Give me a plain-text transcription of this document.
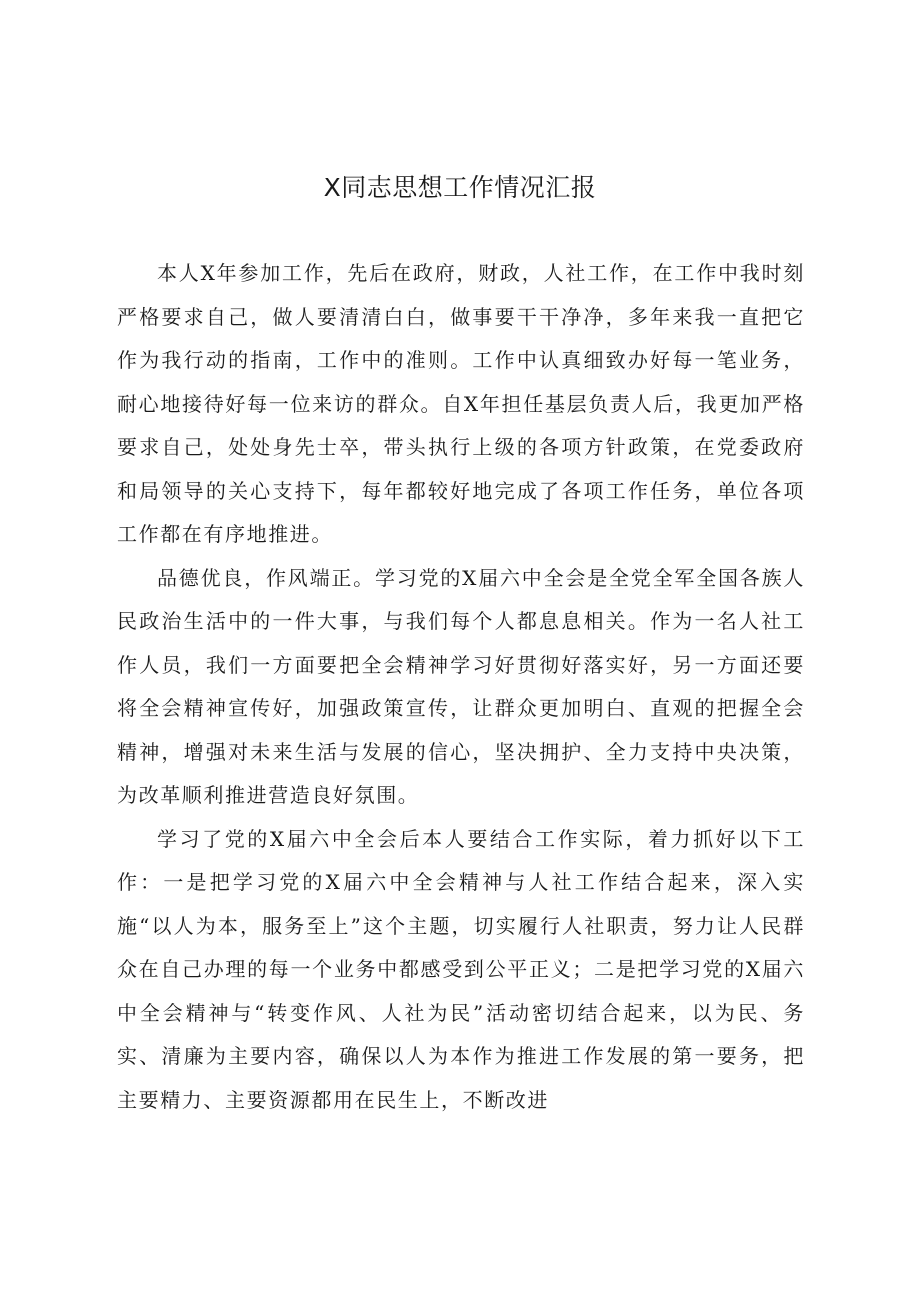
X同志思想工作情况汇报

本人X年参加工作，先后在政府，财政，人社工作，在工作中我时刻严格要求自己，做人要清清白白，做事要干干净净，多年来我一直把它作为我行动的指南，工作中的准则。工作中认真细致办好每一笔业务，耐心地接待好每一位来访的群众。自X年担任基层负责人后，我更加严格要求自己，处处身先士卒，带头执行上级的各项方针政策，在党委政府和局领导的关心支持下，每年都较好地完成了各项工作任务，单位各项工作都在有序地推进。

品德优良，作风端正。学习党的X届六中全会是全党全军全国各族人民政治生活中的一件大事，与我们每个人都息息相关。作为一名人社工作人员，我们一方面要把全会精神学习好贯彻好落实好，另一方面还要将全会精神宣传好，加强政策宣传，让群众更加明白、直观的把握全会精神，增强对未来生活与发展的信心，坚决拥护、全力支持中央决策，为改革顺利推进营造良好氛围。

学习了党的X届六中全会后本人要结合工作实际，着力抓好以下工作：一是把学习党的X届六中全会精神与人社工作结合起来，深入实施“以人为本，服务至上”这个主题，切实履行人社职责，努力让人民群众在自己办理的每一个业务中都感受到公平正义；二是把学习党的X届六中全会精神与“转变作风、人社为民”活动密切结合起来，以为民、务实、清廉为主要内容，确保以人为本作为推进工作发展的第一要务，把主要精力、主要资源都用在民生上，不断改进
